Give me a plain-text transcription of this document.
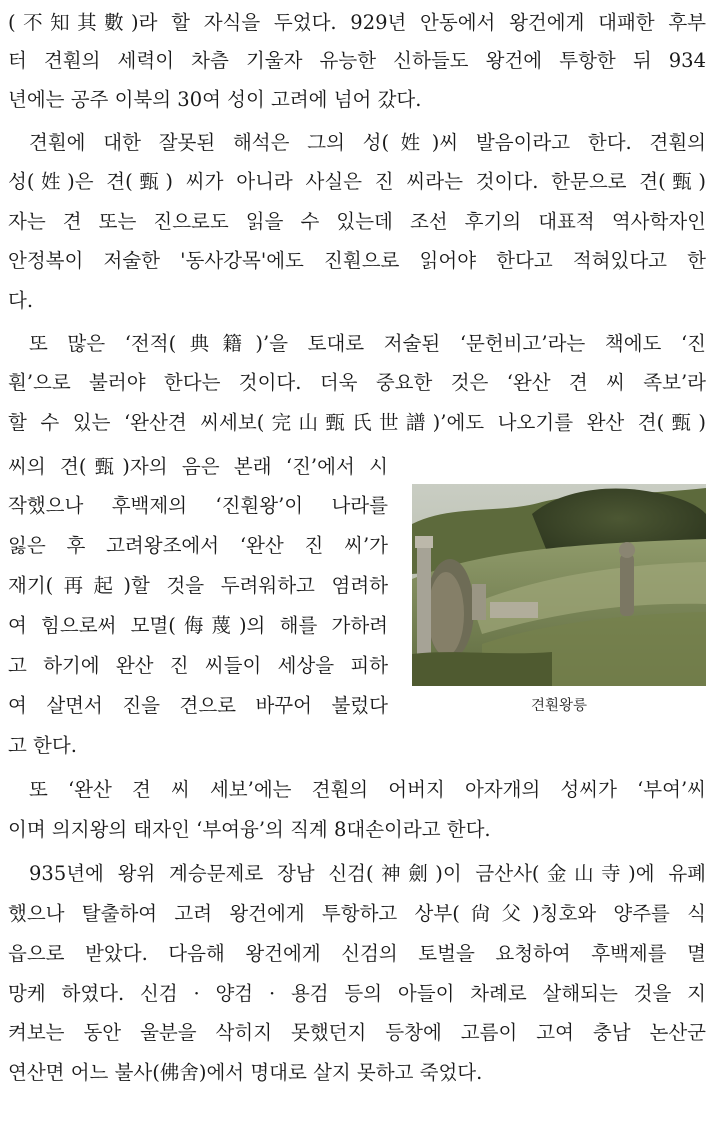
(不知其數)라 할 자식을 두었다. 929년 안동에서 왕건에게 대패한 후부
터 견훤의 세력이 차츰 기울자 유능한 신하들도 왕건에 투항한 뒤 934
년에는 공주 이북의 30여 성이 고려에 넘어 갔다.
견훤에 대한 잘못된 해석은 그의 성(姓)씨 발음이라고 한다. 견훤의
성(姓)은 견(甄) 씨가 아니라 사실은 진 씨라는 것이다. 한문으로 견(甄)
자는 견 또는 진으로도 읽을 수 있는데 조선 후기의 대표적 역사학자인
안정복이 저술한 '동사강목'에도 진훤으로 읽어야 한다고 적혀있다고 한
다.
또 많은 ‘전적(典籍)’을 토대로 저술된 ‘문헌비고’라는 책에도 ‘진
훤’으로 불러야 한다는 것이다. 더욱 중요한 것은 ‘완산 견 씨 족보’라
할 수 있는 ‘완산견 씨세보(完山甄氏世譜)’에도 나오기를 완산 견(甄)
씨의 견(甄)자의 음은 본래 ‘진’에서 시
작했으나 후백제의 ‘진훤왕’이 나라를
잃은 후 고려왕조에서 ‘완산 진 씨’가
재기(再起)할 것을 두려워하고 염려하
여 힘으로써 모멸(侮蔑)의 해를 가하려
고 하기에 완산 진 씨들이 세상을 피하
여 살면서 진을 견으로 바꾸어 불렀다
고 한다.
또 ‘완산 견 씨 세보’에는 견훤의 어버지 아자개의 성씨가 ‘부여’씨
이며 의지왕의 태자인 ‘부여융’의 직계 8대손이라고 한다.
935년에 왕위 계승문제로 장남 신검(神劍)이 금산사(金山寺)에 유폐
했으나 탈출하여 고려 왕건에게 투항하고 상부(尙父)칭호와 양주를 식
읍으로 받았다. 다음해 왕건에게 신검의 토벌을 요청하여 후백제를 멸
망케 하였다. 신검 · 양검 · 용검 등의 아들이 차례로 살해되는 것을 지
켜보는 동안 울분을 삭히지 못했던지 등창에 고름이 고여 충남 논산군
연산면 어느 불사(佛舍)에서 명대로 살지 못하고 죽었다.
견훤왕릉
